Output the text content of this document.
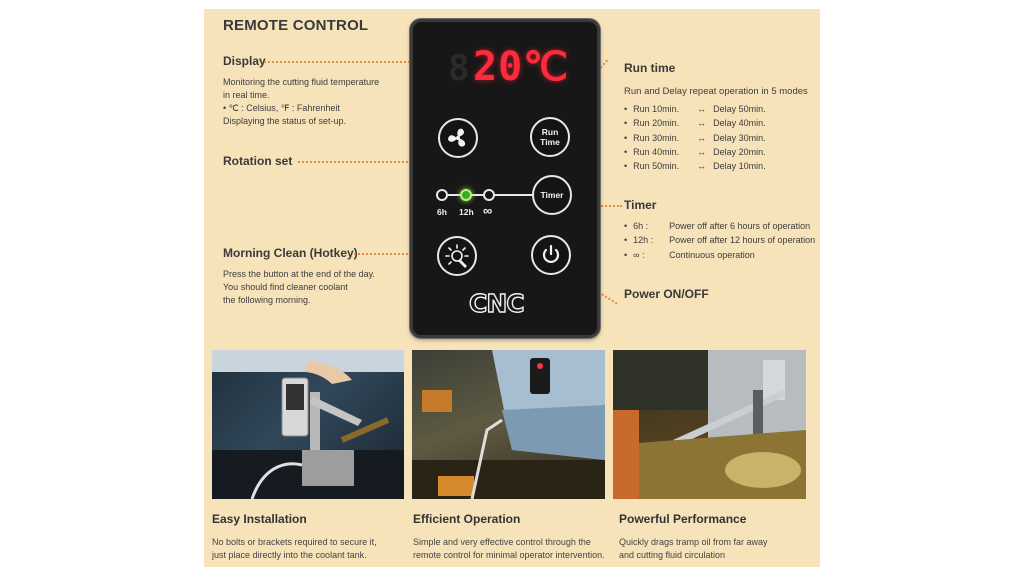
REMOTE CONTROL
Display
Monitoring the cutting fluid temperature
in real time.
• ℃ : Celsius, ℉ : Fahrenheit
Displaying the status of set-up.
Rotation set
Morning Clean (Hotkey)
Press the button at the end of the day.
You should find cleaner coolant
the following morning.
Run time
Run and Delay repeat operation in 5 modes
• Run 10min. ↔ Delay 50min.
• Run 20min. ↔ Delay 40min.
• Run 30min. ↔ Delay 30min.
• Run 40min. ↔ Delay 20min.
• Run 50min. ↔ Delay 10min.
Timer
• 6h : Power off after 6 hours of operation
• 12h : Power off after 12 hours of operation
• ∞ :	Continuous operation
Power ON/OFF
8 20℃
Run
Time
Timer
6h 12h ∞
CNC
Easy Installation
No bolts or brackets required to secure it,
just place directly into the coolant tank.
Efficient Operation
Simple and very effective control through the
remote control for minimal operator intervention.
Powerful Performance
Quickly drags tramp oil from far away
and cutting fluid circulation
